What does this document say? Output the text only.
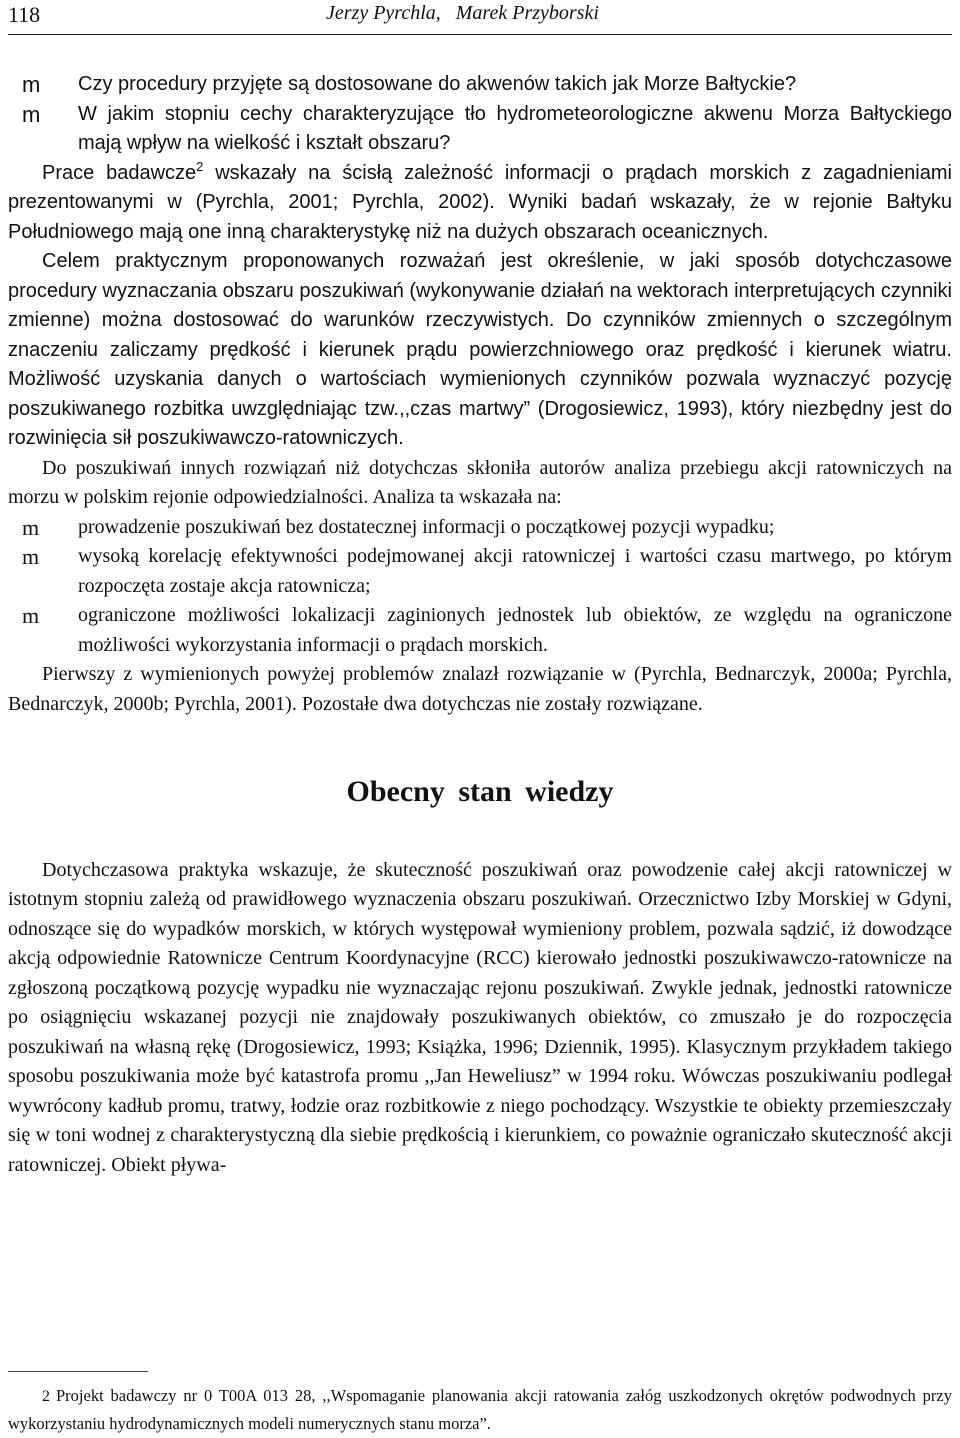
118	Jerzy Pyrchla,   Marek Przyborski
m Czy procedury przyjęte są dostosowane do akwenów takich jak Morze Bałtyckie?
m W jakim stopniu cechy charakteryzujące tło hydrometeorologiczne akwenu Morza Bałtyckiego mają wpływ na wielkość i kształt obszaru?

Prace badawcze$^2$ wskazały na ścisłą zależność informacji o prądach morskich z zagadnieniami prezentowanymi w (Pyrchla, 2001; Pyrchla, 2002). Wyniki badań wskazały, że w rejonie Bałtyku Południowego mają one inną charakterystykę niż na dużych obszarach oceanicznych.

Celem praktycznym proponowanych rozważań jest określenie, w jaki sposób dotychczasowe procedury wyznaczania obszaru poszukiwań (wykonywanie działań na wektorach interpretujących czynniki zmienne) można dostosować do warunków rzeczywistych. Do czynników zmiennych o szczególnym znaczeniu zaliczamy prędkość i kierunek prądu powierzchniowego oraz prędkość i kierunek wiatru. Możliwość uzyskania danych o wartościach wymienionych czynników pozwala wyznaczyć pozycję poszukiwanego rozbitka uwzględniając tzw.,,czas martwy” (Drogosiewicz, 1993), który niezbędny jest do rozwinięcia sił poszukiwawczo-ratowniczych.

Do poszukiwań innych rozwiązań niż dotychczas skłoniła autorów analiza przebiegu akcji ratowniczych na morzu w polskim rejonie odpowiedzialności. Analiza ta wskazała na:

m prowadzenie poszukiwań bez dostatecznej informacji o początkowej pozycji wypadku;
m wysoką korelację efektywności podejmowanej akcji ratowniczej i wartości czasu martwego, po którym rozpoczęta zostaje akcja ratownicza;
m ograniczone możliwości lokalizacji zaginionych jednostek lub obiektów, ze względu na ograniczone możliwości wykorzystania informacji o prądach morskich.

Pierwszy z wymienionych powyżej problemów znalazł rozwiązanie w (Pyrchla, Bednarczyk, 2000a; Pyrchla, Bednarczyk, 2000b; Pyrchla, 2001). Pozostałe dwa dotychczas nie zostały rozwiązane.

Obecny stan wiedzy

Dotychczasowa praktyka wskazuje, że skuteczność poszukiwań oraz powodzenie całej akcji ratowniczej w istotnym stopniu zależą od prawidłowego wyznaczenia obszaru poszukiwań. Orzecznictwo Izby Morskiej w Gdyni, odnoszące się do wypadków morskich, w których występował wymieniony problem, pozwala sądzić, iż dowodzące akcją odpowiednie Ratownicze Centrum Koordynacyjne (RCC) kierowało jednostki poszukiwawczo-ratownicze na zgłoszoną początkową pozycję wypadku nie wyznaczając rejonu poszukiwań. Zwykle jednak, jednostki ratownicze po osiągnięciu wskazanej pozycji nie znajdowały poszukiwanych obiektów, co zmuszało je do rozpoczęcia poszukiwań na własną rękę (Drogosiewicz, 1993; Książka, 1996; Dziennik, 1995). Klasycznym przykładem takiego sposobu poszukiwania może być katastrofa promu ,,Jan Heweliusz” w 1994 roku. Wówczas poszukiwaniu podlegał wywrócony kadłub promu, tratwy, łodzie oraz rozbitkowie z niego pochodzący. Wszystkie te obiekty przemieszczały się w toni wodnej z charakterystyczną dla siebie prędkością i kierunkiem, co poważnie ograniczało skuteczność akcji ratowniczej. Obiekt pływa-

2 Projekt badawczy nr 0 T00A 013 28, ,,Wspomaganie planowania akcji ratowania załóg uszkodzonych okrętów podwodnych przy wykorzystaniu hydrodynamicznych modeli numerycznych stanu morza”.
